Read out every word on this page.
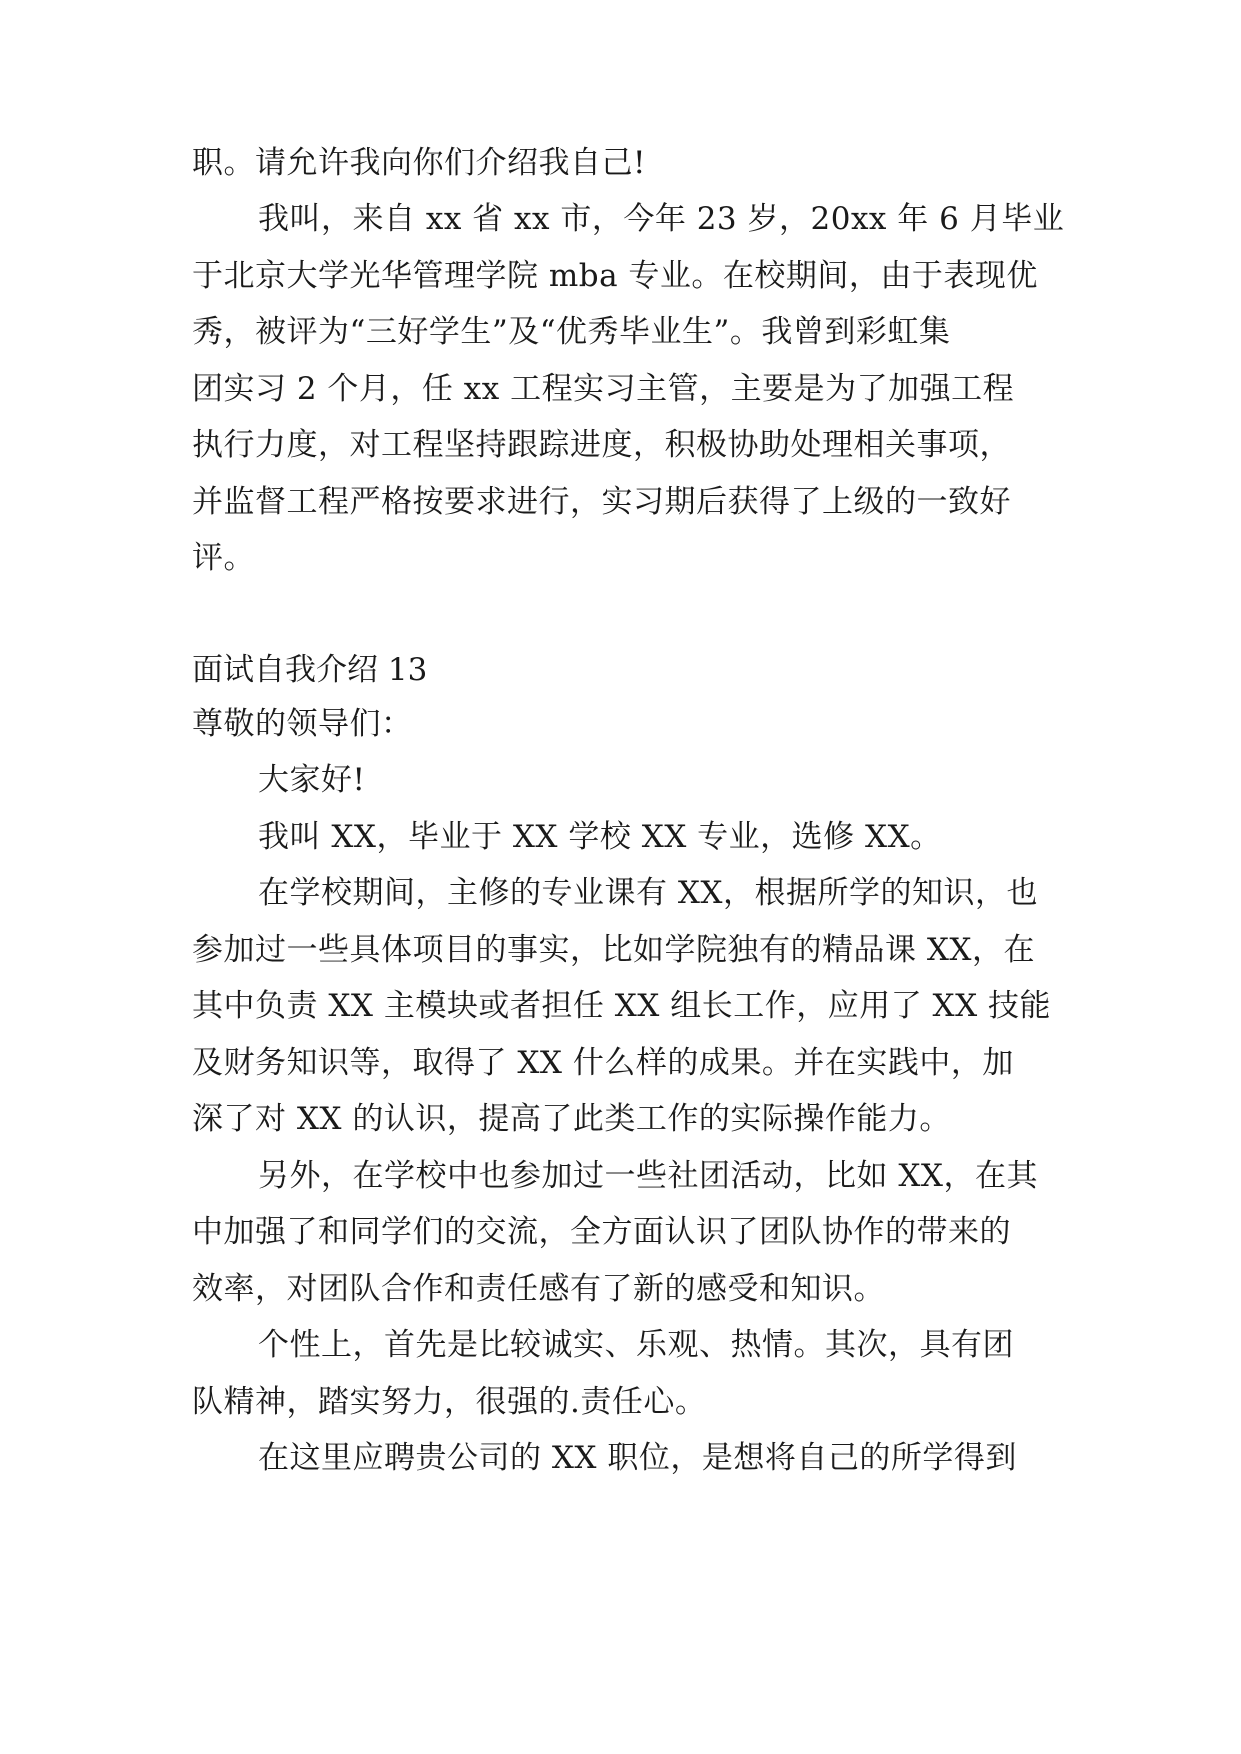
职。请允许我向你们介绍我自己!
我叫，来自 xx 省 xx 市，今年 23 岁，20xx 年 6 月毕业
于北京大学光华管理学院 mba 专业。在校期间，由于表现优
秀，被评为“三好学生”及“优秀毕业生”。我曾到彩虹集
团实习 2 个月，任 xx 工程实习主管，主要是为了加强工程
执行力度，对工程坚持跟踪进度，积极协助处理相关事项，
并监督工程严格按要求进行，实习期后获得了上级的一致好
评。
面试自我介绍 13
尊敬的领导们：
大家好!
我叫 XX，毕业于 XX 学校 XX 专业，选修 XX。
在学校期间，主修的专业课有 XX，根据所学的知识，也
参加过一些具体项目的事实，比如学院独有的精品课 XX，在
其中负责 XX 主模块或者担任 XX 组长工作，应用了 XX 技能
及财务知识等，取得了 XX 什么样的成果。并在实践中，加
深了对 XX 的认识，提高了此类工作的实际操作能力。
另外，在学校中也参加过一些社团活动，比如 XX，在其
中加强了和同学们的交流，全方面认识了团队协作的带来的
效率，对团队合作和责任感有了新的感受和知识。
个性上，首先是比较诚实、乐观、热情。其次，具有团
队精神，踏实努力，很强的.责任心。
在这里应聘贵公司的 XX 职位，是想将自己的所学得到
